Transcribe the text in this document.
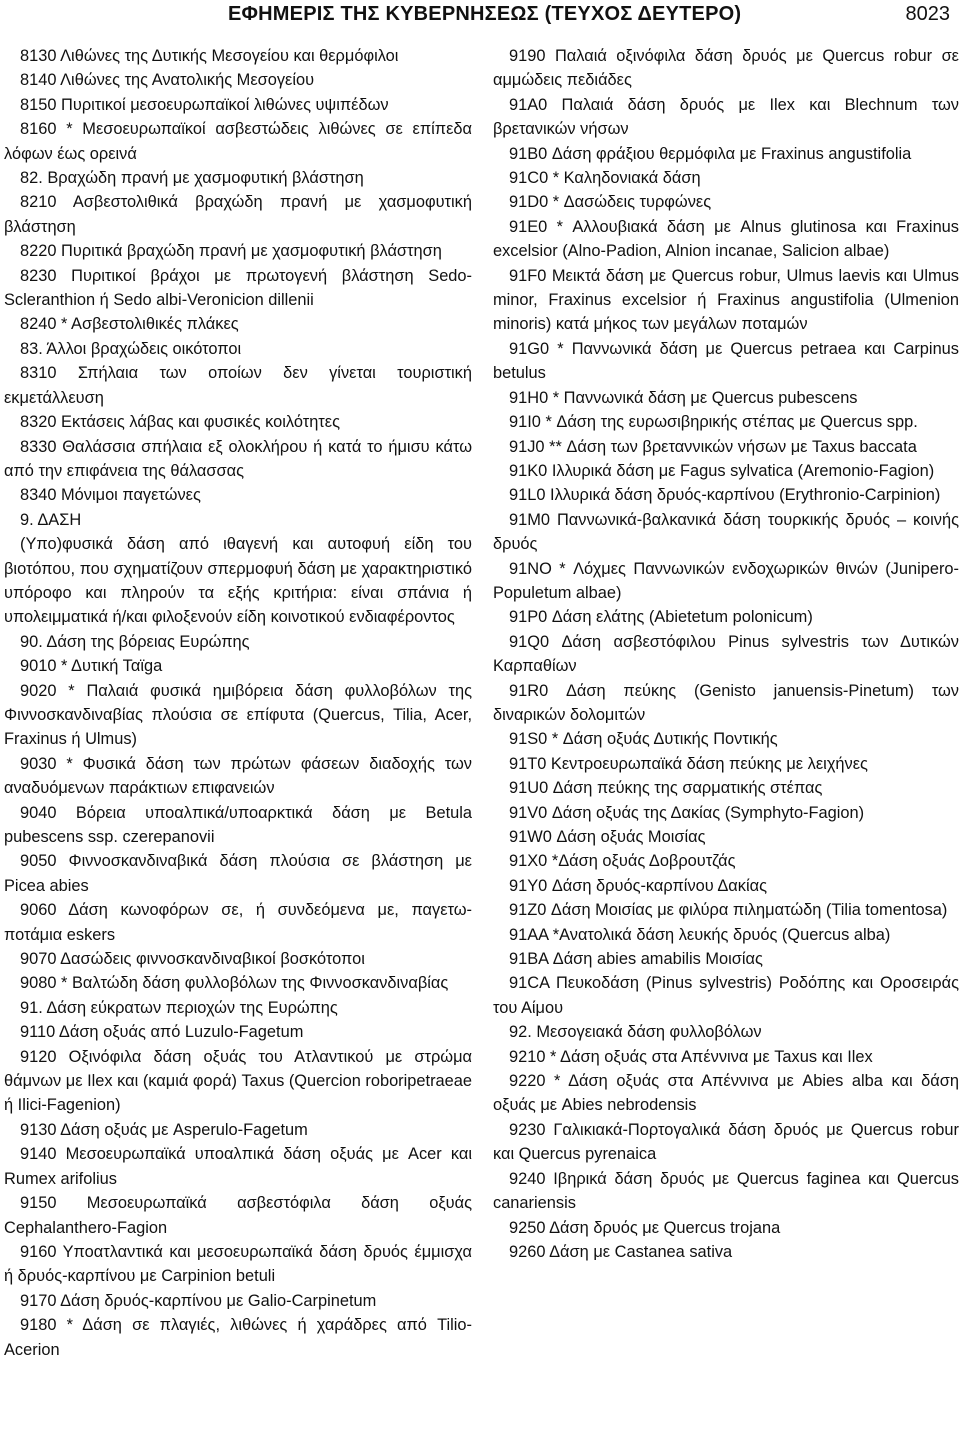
ΕΦΗΜΕΡΙΣ ΤΗΣ ΚΥΒΕΡΝΗΣΕΩΣ (ΤΕΥΧΟΣ ΔΕΥΤΕΡΟ)	8023

8130 Λιθώνες της Δυτικής Μεσογείου και θερμόφιλοι

8140 Λιθώνες της Ανατολικής Μεσογείου

8150 Πυριτικοί μεσοευρωπαϊκοί λιθώνες υψιπέδων

8160 * Μεσοευρωπαϊκοί ασβεστώδεις λιθώνες σε επίπεδα λόφων έως ορεινά

82. Βραχώδη πρανή με χασμοφυτική βλάστηση

8210 Ασβεστολιθικά βραχώδη πρανή με χασμοφυτική βλάστηση

8220 Πυριτικά βραχώδη πρανή με χασμοφυτική βλάστηση

8230 Πυριτικοί βράχοι με πρωτογενή βλάστηση Sedo-Scleranthion ή Sedo albi-Veronicion dillenii

8240 * Ασβεστολιθικές πλάκες

83. Άλλοι βραχώδεις οικότοποι

8310 Σπήλαια των οποίων δεν γίνεται τουριστική εκμετάλλευση

8320 Εκτάσεις λάβας και φυσικές κοιλότητες

8330 Θαλάσσια σπήλαια εξ ολοκλήρου ή κατά το ήμισυ κάτω από την επιφάνεια της θάλασσας

8340 Μόνιμοι παγετώνες

9. ΔΑΣΗ

(Υπο)φυσικά δάση από ιθαγενή και αυτοφυή είδη του βιοτόπου, που σχηματίζουν σπερμοφυή δάση με χαρακτηριστικό υπόροφο και πληρούν τα εξής κριτήρια: είναι σπάνια ή υπολειμματικά ή/και φιλοξενούν είδη κοινοτικού ενδιαφέροντος

90. Δάση της βόρειας Ευρώπης

9010 * Δυτική Ταϊga

9020 * Παλαιά φυσικά ημιβόρεια δάση φυλλοβόλων της Φιννοσκανδιναβίας πλούσια σε επίφυτα (Quercus, Tilia, Acer, Fraxinus ή Ulmus)

9030 * Φυσικά δάση των πρώτων φάσεων διαδοχής των αναδυόμενων παράκτιων επιφανειών

9040 Βόρεια υποαλπικά/υποαρκτικά δάση με Betula pubescens ssp. czerepanovii

9050 Φιννοσκανδιναβικά δάση πλούσια σε βλάστηση με Picea abies

9060 Δάση κωνοφόρων σε, ή συνδεόμενα με, παγετω-ποτάμια eskers

9070 Δασώδεις φιννοσκανδιναβικοί βοσκότοποι

9080 * Βαλτώδη δάση φυλλοβόλων της Φιννοσκανδιναβίας

91. Δάση εύκρατων περιοχών της Ευρώπης

9110 Δάση οξυάς από Luzulo-Fagetum

9120 Οξινόφιλα δάση οξυάς του Ατλαντικού με στρώμα θάμνων με Ilex και (καμιά φορά) Taxus (Quercion roboripetraeae ή Ilici-Fagenion)

9130 Δάση οξυάς με Asperulo-Fagetum

9140 Μεσοευρωπαϊκά υποαλπικά δάση οξυάς με Acer και Rumex arifolius

9150 Μεσοευρωπαϊκά ασβεστόφιλα δάση οξυάς Cephalanthero-Fagion

9160 Υποατλαντικά και μεσοευρωπαϊκά δάση δρυός έμμισχα ή δρυός-καρπίνου με Carpinion betuli

9170 Δάση δρυός-καρπίνου με Galio-Carpinetum

9180 * Δάση σε πλαγιές, λιθώνες ή χαράδρες από Tilio-Acerion

9190 Παλαιά οξινόφιλα δάση δρυός με Quercus robur σε αμμώδεις πεδιάδες

91A0 Παλαιά δάση δρυός με Ilex και Blechnum των βρετανικών νήσων

91B0 Δάση φράξιου θερμόφιλα με Fraxinus angustifolia

91C0 * Καληδονιακά δάση

91D0 * Δασώδεις τυρφώνες

91E0 * Αλλουβιακά δάση με Alnus glutinosa και Fraxinus excelsior (Alno-Padion, Alnion incanae, Salicion albae)

91F0 Μεικτά δάση με Quercus robur, Ulmus laevis και Ulmus minor, Fraxinus excelsior ή Fraxinus angustifolia (Ulmenion minoris) κατά μήκος των μεγάλων ποταμών

91G0 * Παννωνικά δάση με Quercus petraea και Carpinus betulus

91H0 * Παννωνικά δάση με Quercus pubescens

91I0 * Δάση της ευρωσιβηρικής στέπας με Quercus spp.

91J0 ** Δάση των βρεταννικών νήσων με Taxus baccata

91K0 Ιλλυρικά δάση με Fagus sylvatica (Aremonio-Fagion)

91L0 Ιλλυρικά δάση δρυός-καρπίνου (Erythronio-Carpinion)

91M0 Παννωνικά-βαλκανικά δάση τουρκικής δρυός – κοινής δρυός

91NO * Λόχμες Παννωνικών ενδοχωρικών θινών (Junipero-Populetum albae)

91P0 Δάση ελάτης (Abietetum polonicum)

91Q0 Δάση ασβεστόφιλου Pinus sylvestris των Δυτικών Καρπαθίων

91R0 Δάση πεύκης (Genisto januensis-Pinetum) των διναρικών δολομιτών

91S0 * Δάση οξυάς Δυτικής Ποντικής

91T0 Κεντροευρωπαϊκά δάση πεύκης με λειχήνες

91U0 Δάση πεύκης της σαρματικής στέπας

91V0 Δάση οξυάς της Δακίας (Symphyto-Fagion)

91W0 Δάση οξυάς Μοισίας

91X0 *Δάση οξυάς Δοβρουτζάς

91Y0 Δάση δρυός-καρπίνου Δακίας

91Z0 Δάση Μοισίας με φιλύρα πιληματώδη (Tilia tomentosa)

91AA *Ανατολικά δάση λευκής δρυός (Quercus alba)

91BA Δάση abies amabilis Μοισίας

91CA Πευκοδάση (Pinus sylvestris) Ροδόπης και Οροσειράς του Αίμου

92. Μεσογειακά δάση φυλλοβόλων

9210 * Δάση οξυάς στα Απέννινα με Taxus και Ilex

9220 * Δάση οξυάς στα Απέννινα με Abies alba και δάση οξυάς με Abies nebrodensis

9230 Γαλικιακά-Πορτογαλικά δάση δρυός με Quercus robur και Quercus pyrenaica

9240 Ιβηρικά δάση δρυός με Quercus faginea και Quercus canariensis

9250 Δάση δρυός με Quercus trojana

9260 Δάση με Castanea sativa
